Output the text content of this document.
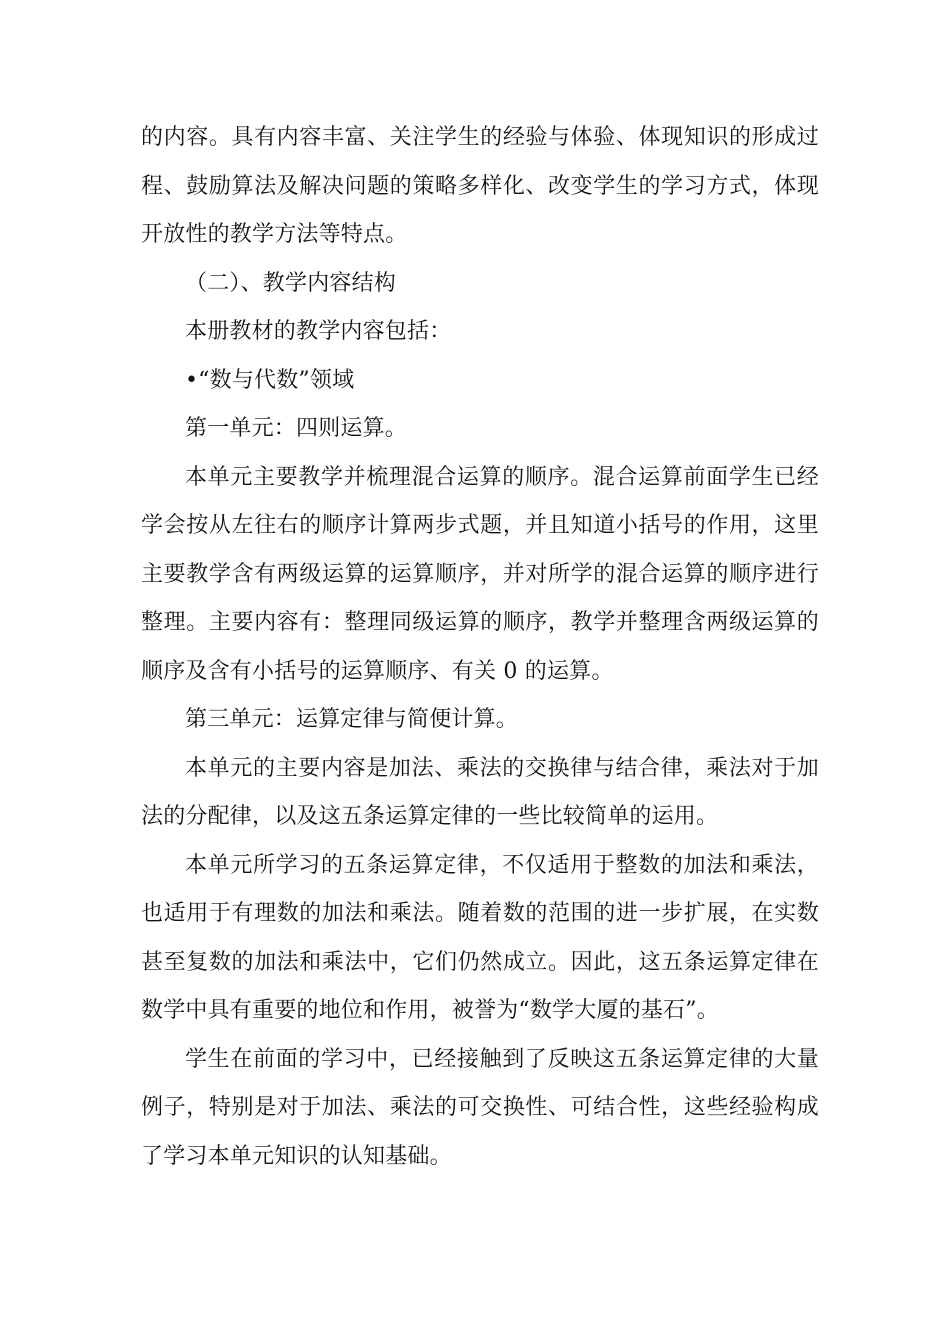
的内容。具有内容丰富、关注学生的经验与体验、体现知识的形成过程、鼓励算法及解决问题的策略多样化、改变学生的学习方式，体现开放性的教学方法等特点。

（二）、教学内容结构

本册教材的教学内容包括：

•“数与代数”领域

第一单元：四则运算。

本单元主要教学并梳理混合运算的顺序。混合运算前面学生已经学会按从左往右的顺序计算两步式题，并且知道小括号的作用，这里主要教学含有两级运算的运算顺序，并对所学的混合运算的顺序进行整理。主要内容有：整理同级运算的顺序，教学并整理含两级运算的顺序及含有小括号的运算顺序、有关 0 的运算。

第三单元：运算定律与简便计算。

本单元的主要内容是加法、乘法的交换律与结合律，乘法对于加法的分配律，以及这五条运算定律的一些比较简单的运用。

本单元所学习的五条运算定律，不仅适用于整数的加法和乘法，也适用于有理数的加法和乘法。随着数的范围的进一步扩展，在实数甚至复数的加法和乘法中，它们仍然成立。因此，这五条运算定律在数学中具有重要的地位和作用，被誉为“数学大厦的基石”。

学生在前面的学习中，已经接触到了反映这五条运算定律的大量例子，特别是对于加法、乘法的可交换性、可结合性，这些经验构成了学习本单元知识的认知基础。
